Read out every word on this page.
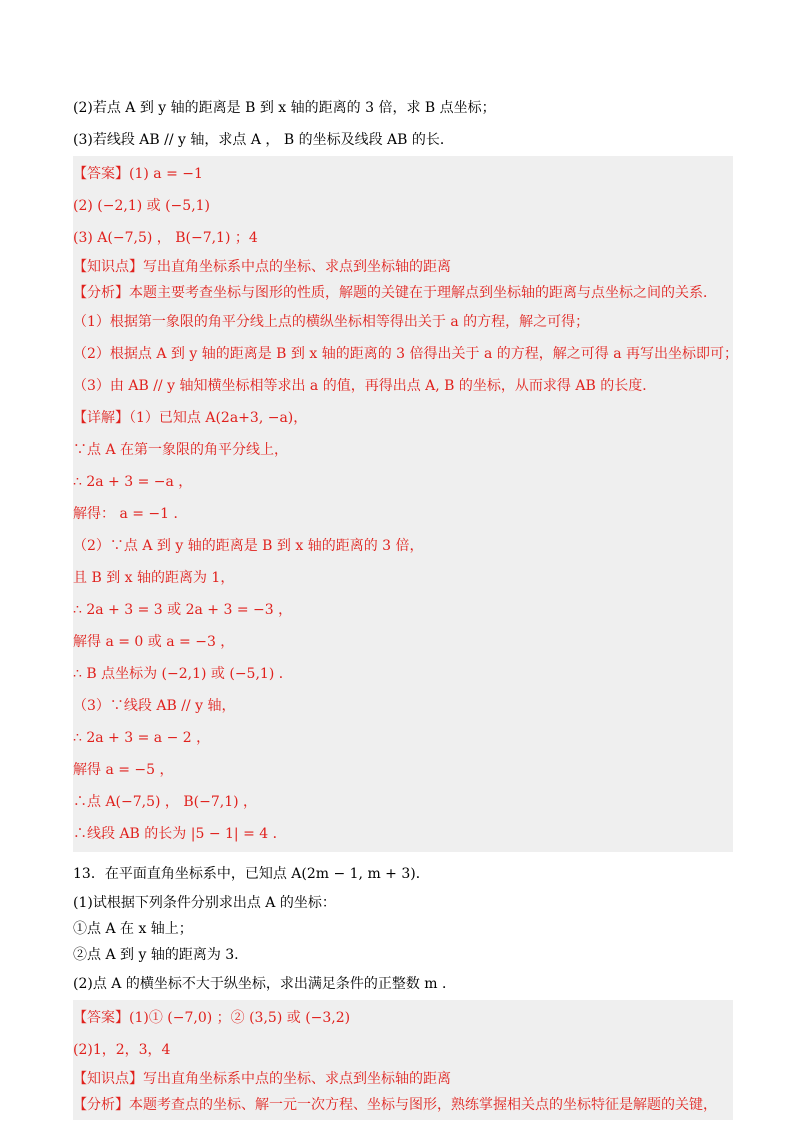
(2)若点 A 到 y 轴的距离是 B 到 x 轴的距离的 3 倍，求 B 点坐标；

(3)若线段 AB // y 轴，求点 A ， B 的坐标及线段 AB 的长．

【答案】(1) a = −1

(2) (−2,1) 或 (−5,1)

(3) A(−7,5) ， B(−7,1) ；4

【知识点】写出直角坐标系中点的坐标、求点到坐标轴的距离

【分析】本题主要考查坐标与图形的性质，解题的关键在于理解点到坐标轴的距离与点坐标之间的关系．

（1）根据第一象限的角平分线上点的横纵坐标相等得出关于 a 的方程，解之可得；

（2）根据点 A 到 y 轴的距离是 B 到 x 轴的距离的 3 倍得出关于 a 的方程，解之可得 a 再写出坐标即可；

（3）由 AB // y 轴知横坐标相等求出 a 的值，再得出点 A, B 的坐标，从而求得 AB 的长度．

【详解】（1）已知点 A(2a+3, −a)，

∵点 A 在第一象限的角平分线上，

∴ 2a + 3 = −a ，

解得： a = −1 ．

（2）∵点 A 到 y 轴的距离是 B 到 x 轴的距离的 3 倍，

且 B 到 x 轴的距离为 1，

∴ 2a + 3 = 3 或 2a + 3 = −3 ，

解得 a = 0 或 a = −3 ，

∴ B 点坐标为 (−2,1) 或 (−5,1) ．

（3）∵线段 AB // y 轴，

∴ 2a + 3 = a − 2 ，

解得 a = −5 ，

∴点 A(−7,5) ， B(−7,1) ，

∴线段 AB 的长为 |5 − 1| = 4 ．

13．在平面直角坐标系中，已知点 A(2m − 1, m + 3)．

(1)试根据下列条件分别求出点 A 的坐标：

①点 A 在 x 轴上；

②点 A 到 y 轴的距离为 3.

(2)点 A 的横坐标不大于纵坐标，求出满足条件的正整数 m ．

【答案】(1)① (−7,0) ；② (3,5) 或 (−3,2)

(2)1，2，3，4

【知识点】写出直角坐标系中点的坐标、求点到坐标轴的距离

【分析】本题考查点的坐标、解一元一次方程、坐标与图形，熟练掌握相关点的坐标特征是解题的关键，
